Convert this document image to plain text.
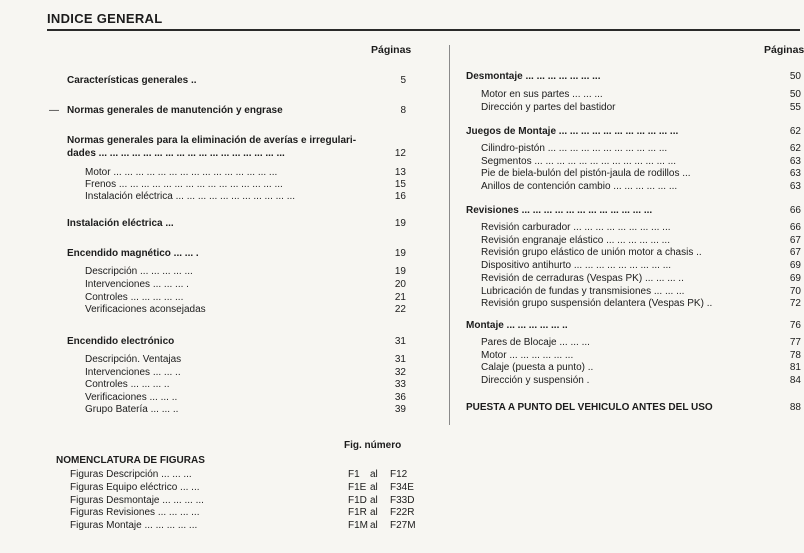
INDICE GENERAL
Páginas	Páginas
Características generales ..	5
— Normas generales de manutención y engrase	8
Normas generales para la eliminación de averías e irregulari-
dades ... ... ... ... ... ... ... ... ... ... ... ... ... ... ... ... ...	12
Motor ... ... ... ... ... ... ... ... ... ... ... ... ... ... ...	13
Frenos ... ... ... ... ... ... ... ... ... ... ... ... ... ... ...	15
Instalación eléctrica ... ... ... ... ... ... ... ... ... ... ...	16
Instalación eléctrica ...	19
Encendido magnético ... ... .	19
Descripción ... ... ... ... ...	19
Intervenciones ... ... ... .	20
Controles ... ... ... ... ...	21
Verificaciones aconsejadas	22
Encendido electrónico	31
Descripción. Ventajas	31
Intervenciones ... ... ..	32
Controles ... ... ... ..	33
Verificaciones ... ... ..	36
Grupo Batería ... ... ..	39
Desmontaje ... ... ... ... ... ... ...	50
Motor en sus partes ... ... ...	50
Dirección y partes del bastidor	55
Juegos de Montaje ... ... ... ... ... ... ... ... ... ... ...	62
Cilindro-pistón ... ... ... ... ... ... ... ... ... ... ...	62
Segmentos ... ... ... ... ... ... ... ... ... ... ... ... ...	63
Pie de biela-bulón del pistón-jaula de rodillos ...	63
Anillos de contención cambio ... ... ... ... ... ...	63
Revisiones ... ... ... ... ... ... ... ... ... ... ... ...	66
Revisión carburador ... ... ... ... ... ... ... ... ...	66
Revisión engranaje elástico ... ... ... ... ... ...	67
Revisión grupo elástico de unión motor a chasis ..	67
Dispositivo antihurto ... ... ... ... ... ... ... ... ...	69
Revisión de cerraduras (Vespas PK) ... ... ... ..	69
Lubricación de fundas y transmisiones ... ... ...	70
Revisión grupo suspensión delantera (Vespas PK) ..	72
Montaje ... ... ... ... ... ..	76
Pares de Blocaje ... ... ...	77
Motor ... ... ... ... ... ...	78
Calaje (puesta a punto) ..	81
Dirección y suspensión .	84
PUESTA A PUNTO DEL VEHICULO ANTES DEL USO	88
Fig. número
NOMENCLATURA DE FIGURAS
Figuras Descripción ... ... ...	F1 al F12
Figuras Equipo eléctrico ... ...	F1E al F34E
Figuras Desmontaje ... ... ... ...	F1D al F33D
Figuras Revisiones ... ... ... ...	F1R al F22R
Figuras Montaje ... ... ... ... ...	F1M al F27M
